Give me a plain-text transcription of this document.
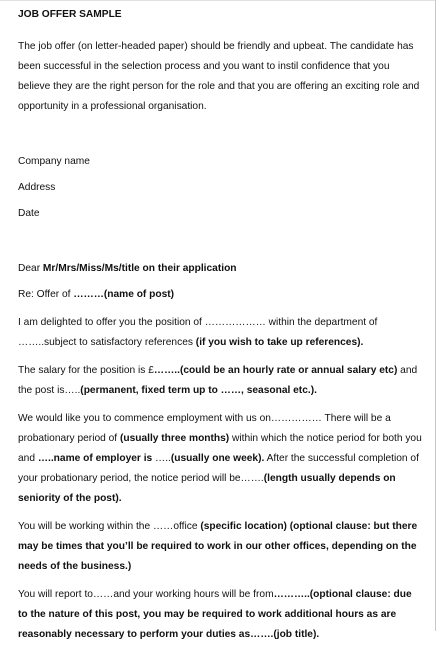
JOB OFFER SAMPLE

The job offer (on letter-headed paper) should be friendly and upbeat. The candidate has been successful in the selection process and you want to instil confidence that you believe they are the right person for the role and that you are offering an exciting role and opportunity in a professional organisation.

Company name

Address

Date

Dear Mr/Mrs/Miss/Ms/title on their application

Re: Offer of ………(name of post)

I am delighted to offer you the position of ……………… within the department of ……..subject to satisfactory references (if you wish to take up references).

The salary for the position is £……..(could be an hourly rate or annual salary etc) and the post is…..(permanent, fixed term up to ……, seasonal etc.).

We would like you to commence employment with us on…………… There will be a probationary period of (usually three months) within which the notice period for both you and …..name of employer is …..(usually one week). After the successful completion of your probationary period, the notice period will be…….(length usually depends on seniority of the post).

You will be working within the ……office (specific location) (optional clause: but there may be times that you’ll be required to work in our other offices, depending on the needs of the business.)

You will report to……and your working hours will be from………..(optional clause: due to the nature of this post, you may be required to work additional hours as are reasonably necessary to perform your duties as…….(job title).
